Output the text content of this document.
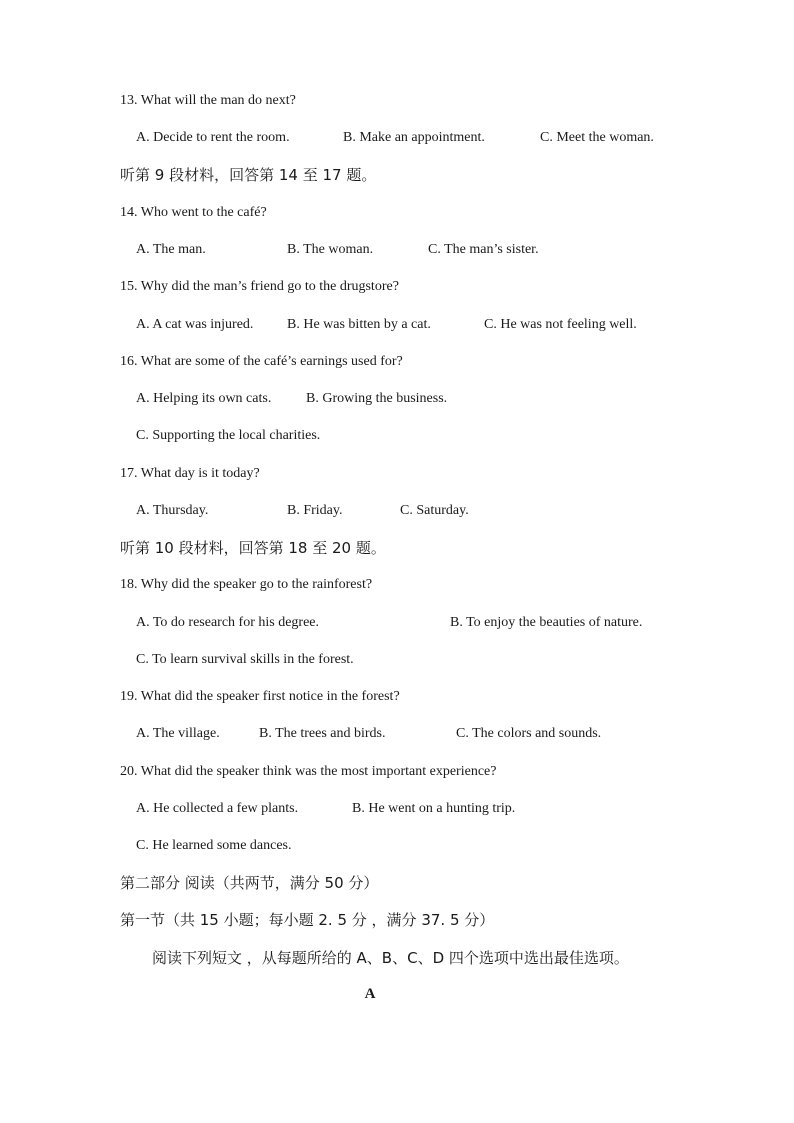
13. What will the man do next?
A. Decide to rent the room.	B. Make an appointment.	C. Meet the woman.
听第 9 段材料，回答第 14 至 17 题。
14. Who went to the café?
A. The man.	B. The woman.	C. The man’s sister.
15. Why did the man’s friend go to the drugstore?
A. A cat was injured. B. He was bitten by a cat.	C. He was not feeling well.
16. What are some of the café’s earnings used for?
A. Helping its own cats. B. Growing the business.
C. Supporting the local charities.
17. What day is it today?
A. Thursday.	B. Friday.	C. Saturday.
听第 10 段材料，回答第 18 至 20 题。
18. Why did the speaker go to the rainforest?
A. To do research for his degree.	B. To enjoy the beauties of nature.
C. To learn survival skills in the forest.
19. What did the speaker first notice in the forest?
A. The village.	B. The trees and birds.	C. The colors and sounds.
20. What did the speaker think was the most important experience?
A. He collected a few plants.	B. He went on a hunting trip.
C. He learned some dances.
第二部分 阅读（共两节，满分 50 分）
第一节（共 15 小题；每小题 2. 5 分 ，满分 37. 5 分）
阅读下列短文 ，从每题所给的 A、B、C、D 四个选项中选出最佳选项。
A
